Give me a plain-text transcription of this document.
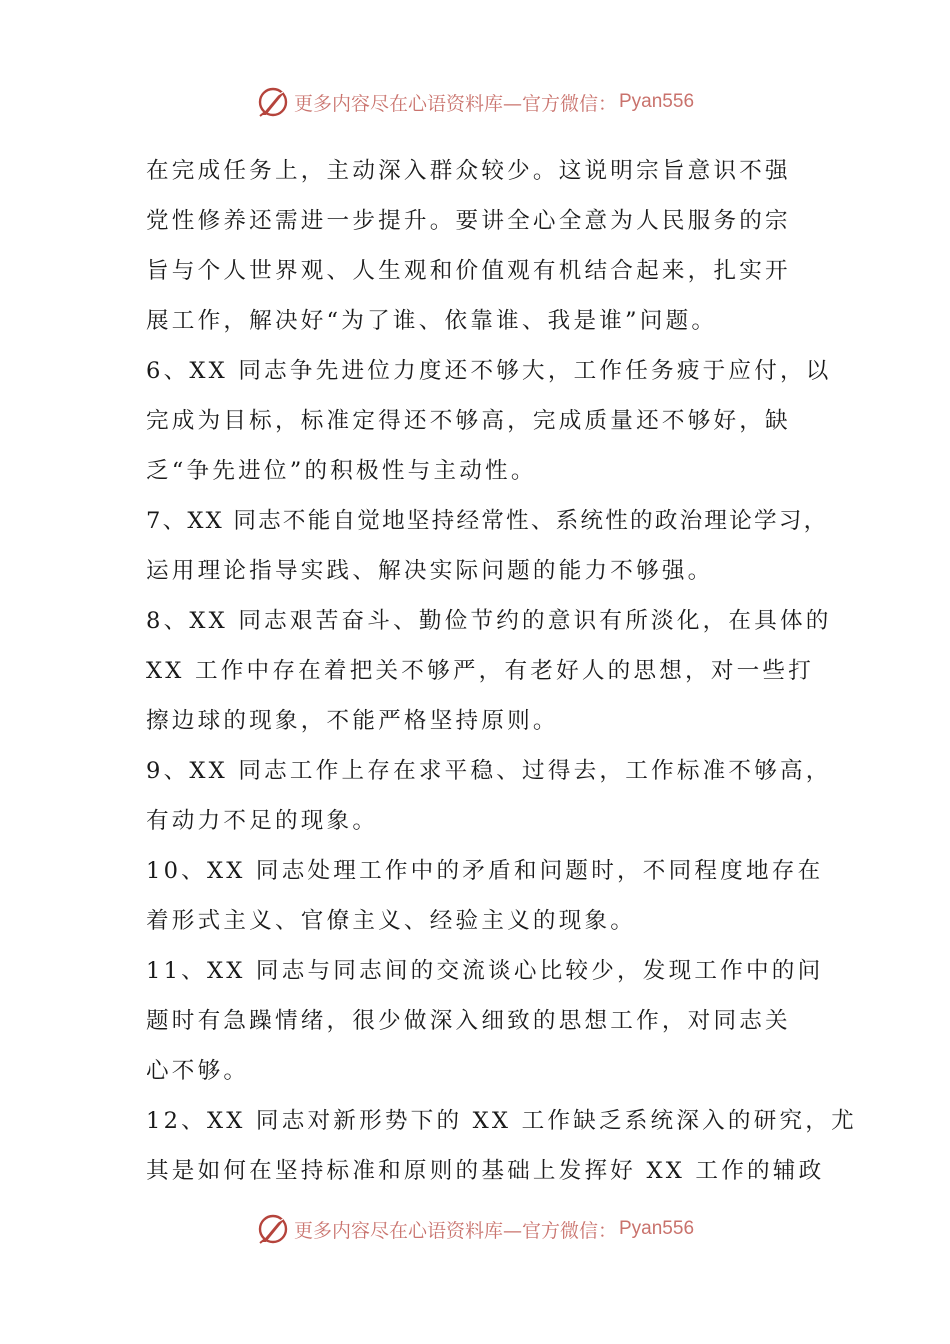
更多内容尽在心语资料库—官方微信： Pyan556
在完成任务上，主动深入群众较少。这说明宗旨意识不强
党性修养还需进一步提升。要讲全心全意为人民服务的宗
旨与个人世界观、人生观和价值观有机结合起来，扎实开
展工作，解决好“为了谁、依靠谁、我是谁”问题。
6、XX 同志争先进位力度还不够大，工作任务疲于应付，以
完成为目标，标准定得还不够高，完成质量还不够好，缺
乏“争先进位”的积极性与主动性。
7、XX 同志不能自觉地坚持经常性、系统性的政治理论学习，
运用理论指导实践、解决实际问题的能力不够强。
8、XX 同志艰苦奋斗、勤俭节约的意识有所淡化，在具体的
XX 工作中存在着把关不够严，有老好人的思想，对一些打
擦边球的现象，不能严格坚持原则。
9、XX 同志工作上存在求平稳、过得去，工作标准不够高，
有动力不足的现象。
10、XX 同志处理工作中的矛盾和问题时，不同程度地存在
着形式主义、官僚主义、经验主义的现象。
11、XX 同志与同志间的交流谈心比较少，发现工作中的问
题时有急躁情绪，很少做深入细致的思想工作，对同志关
心不够。
12、XX 同志对新形势下的 XX 工作缺乏系统深入的研究，尤
其是如何在坚持标准和原则的基础上发挥好 XX 工作的辅政
更多内容尽在心语资料库—官方微信： Pyan556
